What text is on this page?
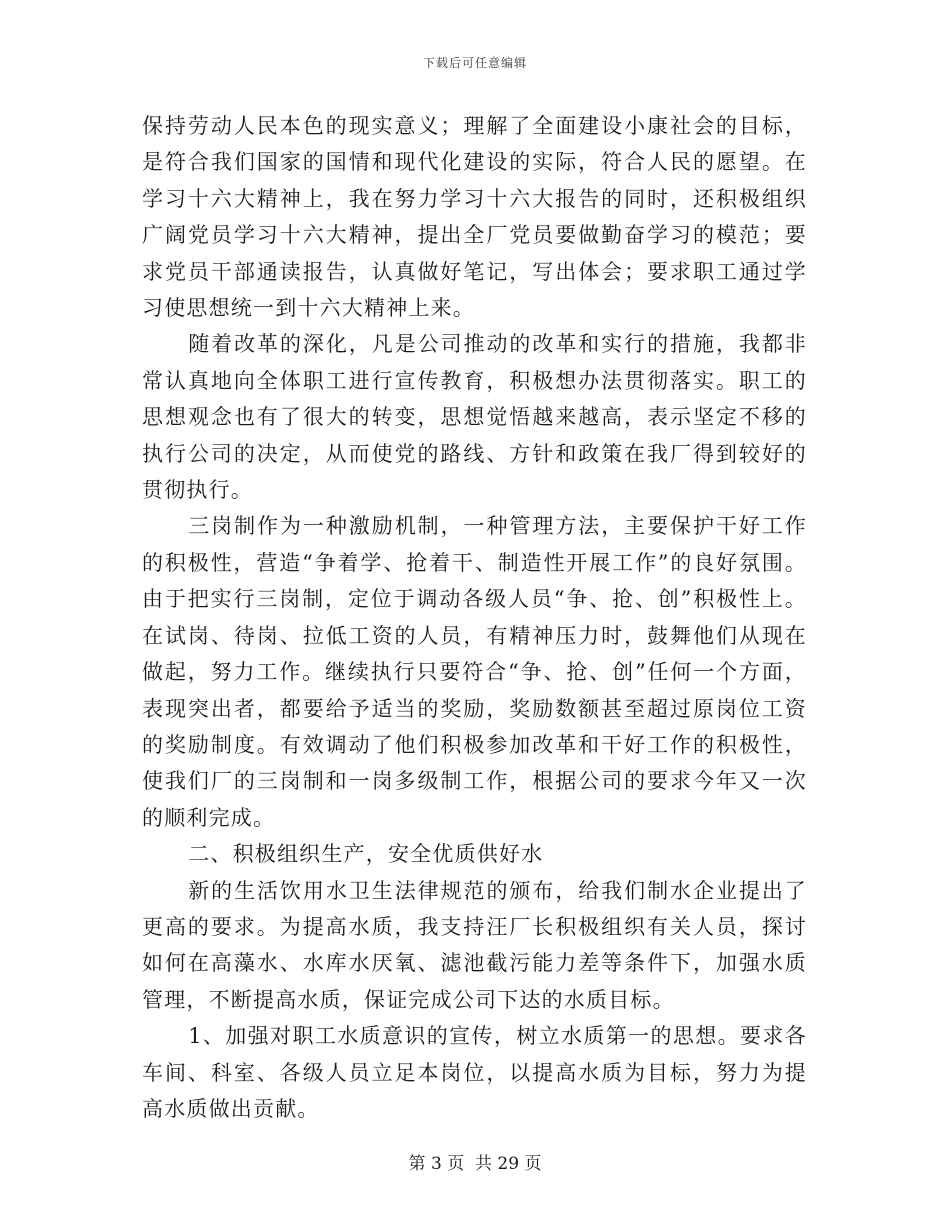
下载后可任意编辑

保持劳动人民本色的现实意义；理解了全面建设小康社会的目标，是符合我们国家的国情和现代化建设的实际，符合人民的愿望。在学习十六大精神上，我在努力学习十六大报告的同时，还积极组织广阔党员学习十六大精神，提出全厂党员要做勤奋学习的模范；要求党员干部通读报告，认真做好笔记，写出体会；要求职工通过学习使思想统一到十六大精神上来。

随着改革的深化，凡是公司推动的改革和实行的措施，我都非常认真地向全体职工进行宣传教育，积极想办法贯彻落实。职工的思想观念也有了很大的转变，思想觉悟越来越高，表示坚定不移的执行公司的决定，从而使党的路线、方针和政策在我厂得到较好的贯彻执行。

三岗制作为一种激励机制，一种管理方法，主要保护干好工作的积极性，营造“争着学、抢着干、制造性开展工作”的良好氛围。由于把实行三岗制，定位于调动各级人员“争、抢、创”积极性上。在试岗、待岗、拉低工资的人员，有精神压力时，鼓舞他们从现在做起，努力工作。继续执行只要符合“争、抢、创”任何一个方面，表现突出者，都要给予适当的奖励，奖励数额甚至超过原岗位工资的奖励制度。有效调动了他们积极参加改革和干好工作的积极性，使我们厂的三岗制和一岗多级制工作，根据公司的要求今年又一次的顺利完成。

二、积极组织生产，安全优质供好水

新的生活饮用水卫生法律规范的颁布，给我们制水企业提出了更高的要求。为提高水质，我支持汪厂长积极组织有关人员，探讨如何在高藻水、水库水厌氧、滤池截污能力差等条件下，加强水质管理，不断提高水质，保证完成公司下达的水质目标。

1、加强对职工水质意识的宣传，树立水质第一的思想。要求各车间、科室、各级人员立足本岗位，以提高水质为目标，努力为提高水质做出贡献。

第 3 页  共 29 页
